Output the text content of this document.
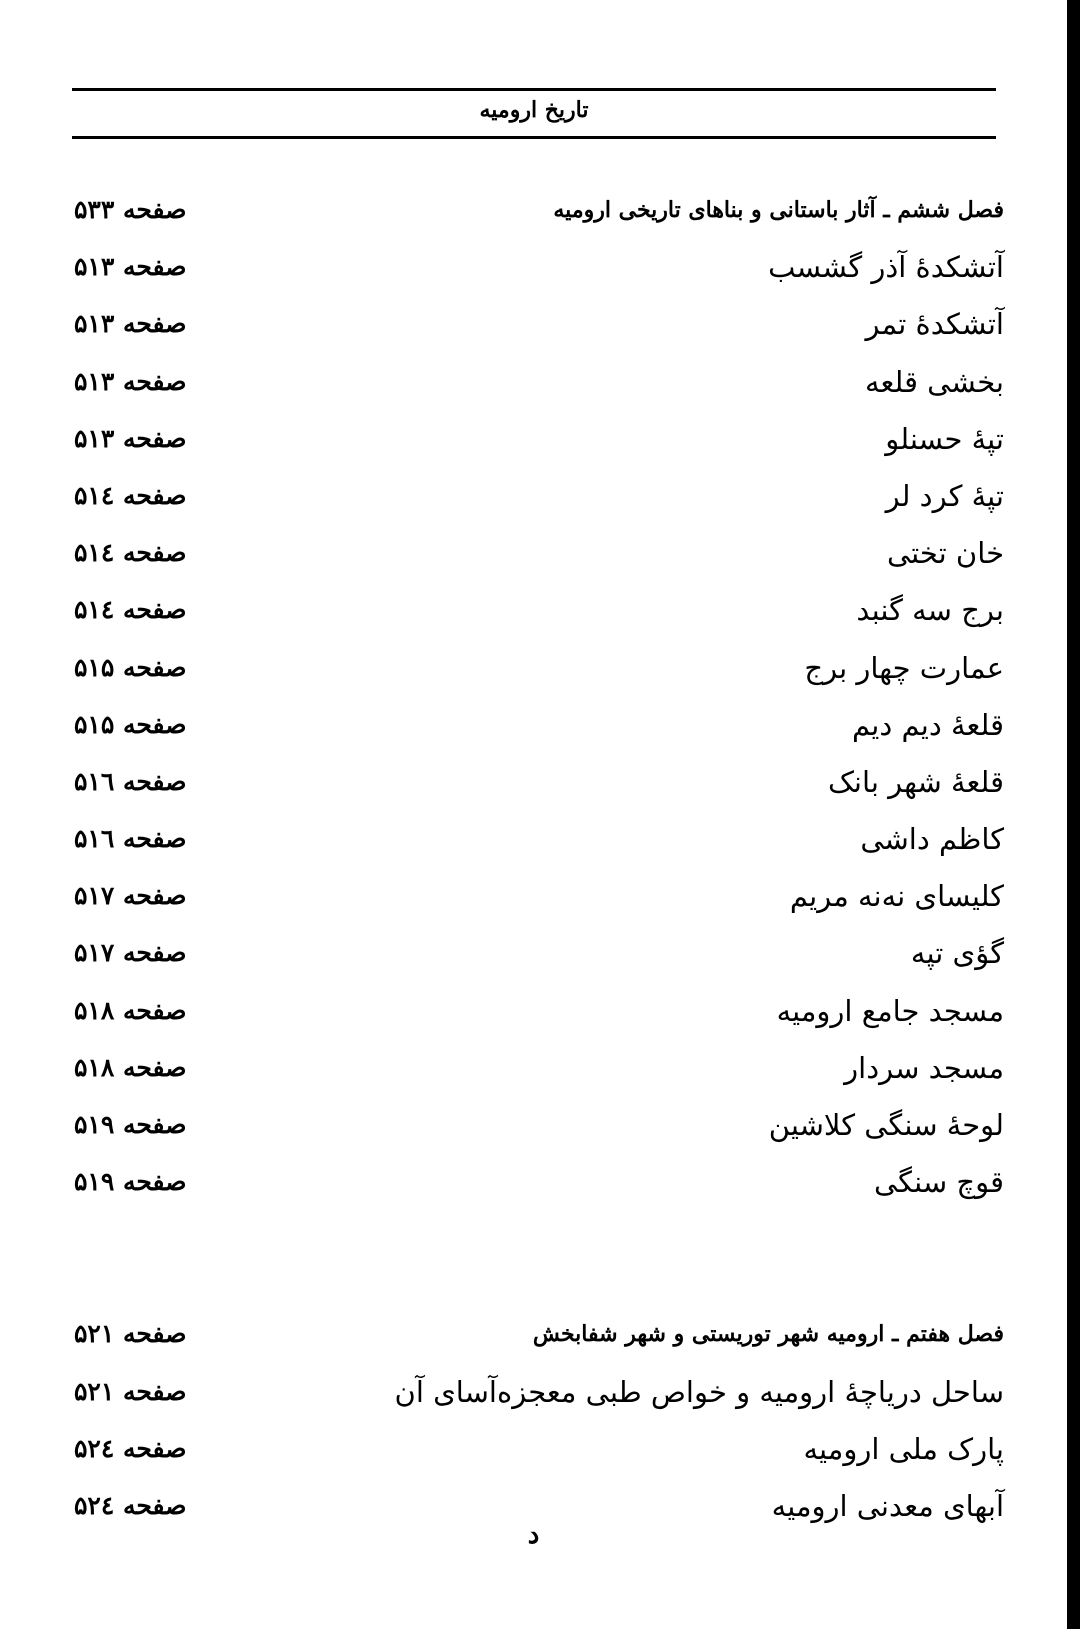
تاریخ ارومیه
فصل ششم ـ آثار باستانی و بناهای تاریخی ارومیه
صفحه ۵۳۳
آتشکدهٔ آذر گشسب
صفحه ۵۱۳
آتشکدهٔ تمر
صفحه ۵۱۳
بخشی قلعه
صفحه ۵۱۳
تپهٔ حسنلو
صفحه ۵۱۳
تپهٔ کرد لر
صفحه ۵۱٤
خان تختی
صفحه ۵۱٤
برج سه گنبد
صفحه ۵۱٤
عمارت چهار برج
صفحه ۵۱۵
قلعهٔ دیم دیم
صفحه ۵۱۵
قلعهٔ شهر بانک
صفحه ۵۱٦
کاظم داشی
صفحه ۵۱٦
کلیسای نه‌نه مریم
صفحه ۵۱۷
گؤی تپه
صفحه ۵۱۷
مسجد جامع ارومیه
صفحه ۵۱۸
مسجد سردار
صفحه ۵۱۸
لوحهٔ سنگی کلاشین
صفحه ۵۱۹
قوچ سنگی
صفحه ۵۱۹
فصل هفتم ـ ارومیه شهر توریستی و شهر شفابخش
صفحه ۵۲۱
ساحل دریاچهٔ ارومیه و خواص طبی معجزه‌آسای آن
صفحه ۵۲۱
پارک ملی ارومیه
صفحه ۵۲٤
آبهای معدنی ارومیه
صفحه ۵۲٤
د
